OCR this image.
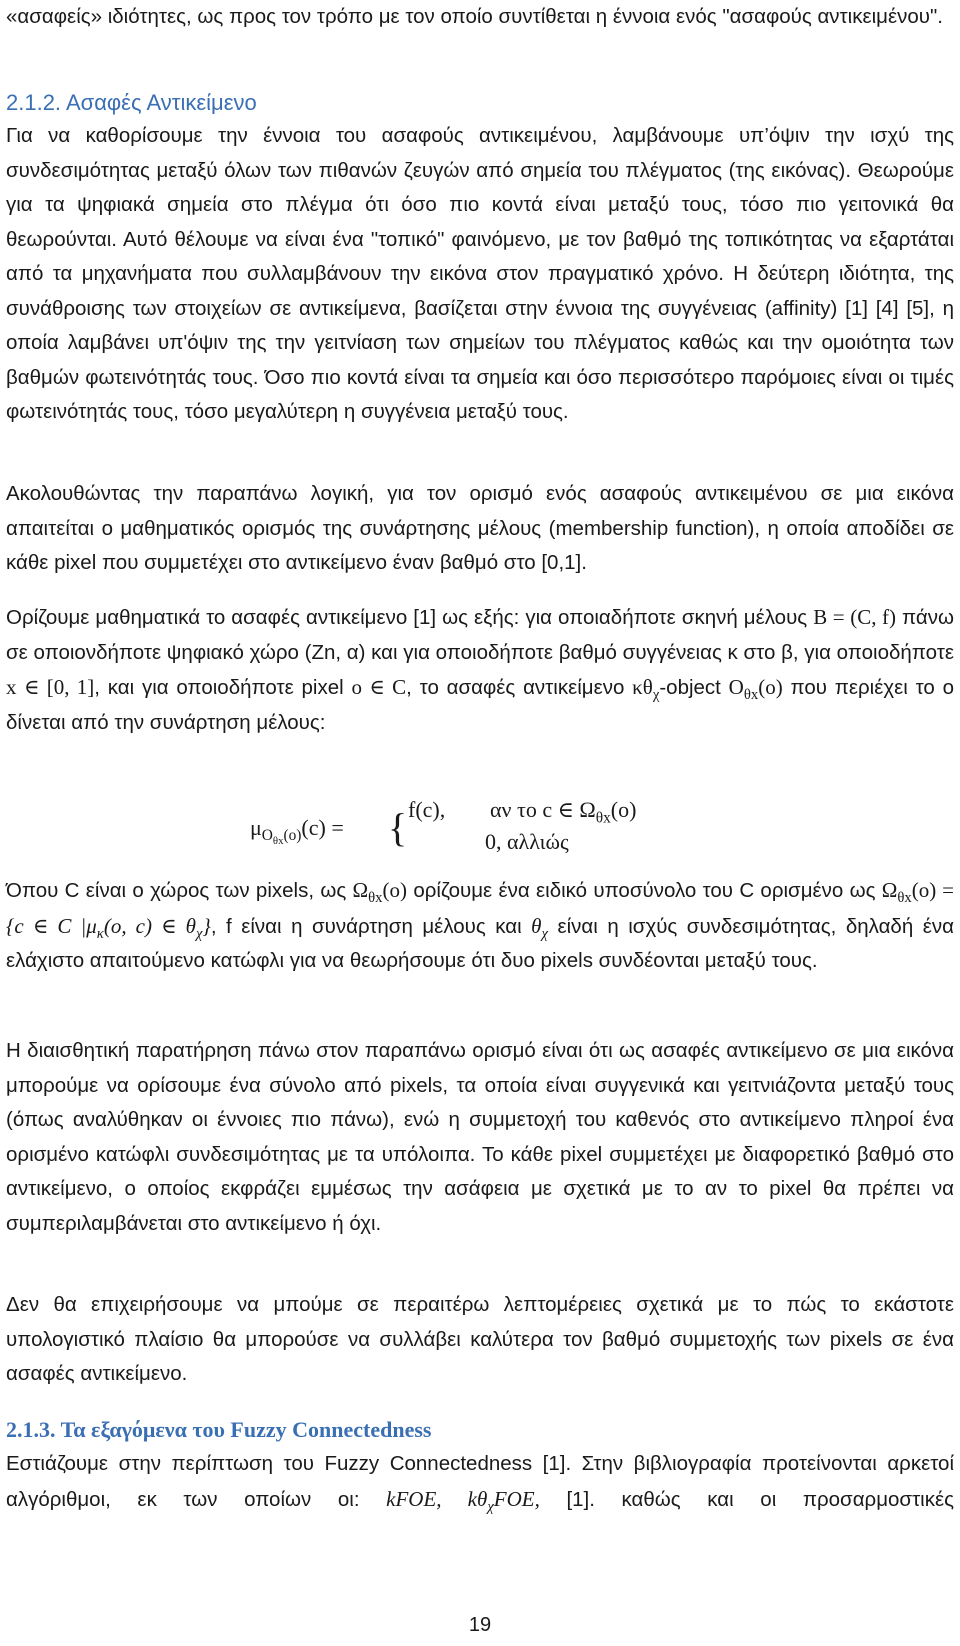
«ασαφείς» ιδιότητες, ως προς τον τρόπο με τον οποίο συντίθεται η έννοια ενός "ασαφούς αντικειμένου".

2.1.2. Ασαφές Αντικείμενο

Για να καθορίσουμε την έννοια του ασαφούς αντικειμένου, λαμβάνουμε υπ’όψιν την ισχύ της συνδεσιμότητας μεταξύ όλων των πιθανών ζευγών από σημεία του πλέγματος (της εικόνας). Θεωρούμε για τα ψηφιακά σημεία στο πλέγμα ότι όσο πιο κοντά είναι μεταξύ τους, τόσο πιο γειτονικά θα θεωρούνται. Αυτό θέλουμε να είναι ένα "τοπικό" φαινόμενο, με τον βαθμό της τοπικότητας να εξαρτάται από τα μηχανήματα που συλλαμβάνουν την εικόνα στον πραγματικό χρόνο. Η δεύτερη ιδιότητα, της συνάθροισης των στοιχείων σε αντικείμενα, βασίζεται στην έννοια της συγγένειας (affinity) [1] [4] [5], η οποία λαμβάνει υπ'όψιν της την γειτνίαση των σημείων του πλέγματος καθώς και την ομοιότητα των βαθμών φωτεινότητάς τους. Όσο πιο κοντά είναι τα σημεία και όσο περισσότερο παρόμοιες είναι οι τιμές φωτεινότητάς τους, τόσο μεγαλύτερη η συγγένεια μεταξύ τους.

Ακολουθώντας την παραπάνω λογική, για τον ορισμό ενός ασαφούς αντικειμένου σε μια εικόνα απαιτείται ο μαθηματικός ορισμός της συνάρτησης μέλους (membership function), η οποία αποδίδει σε κάθε pixel που συμμετέχει στο αντικείμενο έναν βαθμό στο [0,1].

Ορίζουμε μαθηματικά το ασαφές αντικείμενο [1] ως εξής: για οποιαδήποτε σκηνή μέλους B = (C, f) πάνω σε οποιονδήποτε ψηφιακό χώρο (Zn, α) και για οποιοδήποτε βαθμό συγγένειας κ στο β, για οποιοδήποτε x ∈ [0, 1], και για οποιοδήποτε pixel o ∈ C, το ασαφές αντικείμενο $\kappa\theta_\chi$-object $O_{\theta x}(o)$ που περιέχει το o δίνεται από την συνάρτηση μέλους:

$\mu_{O_{\theta x}(o)}(c)$ = { f(c), αν το c ∈ $\Omega_{\theta x}(o)$
0, αλλιώς

Όπου C είναι ο χώρος των pixels, ως $\Omega_{\theta x}(o)$ ορίζουμε ένα ειδικό υποσύνολο του C ορισμένο ως $\Omega_{\theta x}(o) = \{c$ ∈ C $|\mu_\kappa(o$, c) ∈ $\theta_\chi$}, f είναι η συνάρτηση μέλους και $\theta_\chi$ είναι η ισχύς συνδεσιμότητας, δηλαδή ένα ελάχιστο απαιτούμενο κατώφλι για να θεωρήσουμε ότι δυο pixels συνδέονται μεταξύ τους.

Η διαισθητική παρατήρηση πάνω στον παραπάνω ορισμό είναι ότι ως ασαφές αντικείμενο σε μια εικόνα μπορούμε να ορίσουμε ένα σύνολο από pixels, τα οποία είναι συγγενικά και γειτνιάζοντα μεταξύ τους (όπως αναλύθηκαν οι έννοιες πιο πάνω), ενώ η συμμετοχή του καθενός στο αντικείμενο πληροί ένα ορισμένο κατώφλι συνδεσιμότητας με τα υπόλοιπα. Το κάθε pixel συμμετέχει με διαφορετικό βαθμό στο αντικείμενο, ο οποίος εκφράζει εμμέσως την ασάφεια με σχετικά με το αν το pixel θα πρέπει να συμπεριλαμβάνεται στο αντικείμενο ή όχι.

Δεν θα επιχειρήσουμε να μπούμε σε περαιτέρω λεπτομέρειες σχετικά με το πώς το εκάστοτε υπολογιστικό πλαίσιο θα μπορούσε να συλλάβει καλύτερα τον βαθμό συμμετοχής των pixels σε ένα ασαφές αντικείμενο.

2.1.3. Τα εξαγόμενα του Fuzzy Connectedness

Εστιάζουμε στην περίπτωση του Fuzzy Connectedness [1]. Στην βιβλιογραφία προτείνονται αρκετοί αλγόριθμοι, εκ των οποίων οι: kFOE, $k\theta_\chi FOE$, [1]. καθώς και οι προσαρμοστικές

19
